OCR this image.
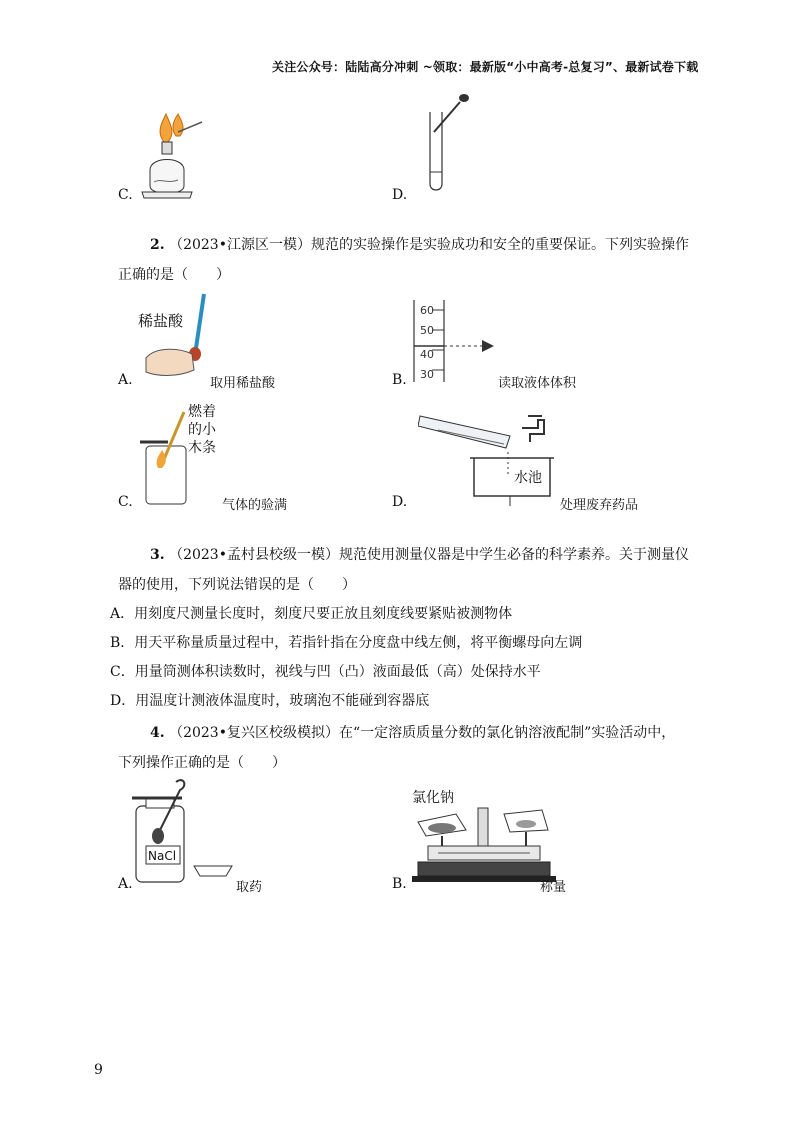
关注公众号：陆陆高分冲刺 ~领取：最新版“小中高考-总复习”、最新试卷下载
C.	D.
2. （2023•江源区一模）规范的实验操作是实验成功和安全的重要保证。下列实验操作
正确的是（　　）
稀盐酸
A.	取用稀盐酸
60
50
40
30
B.	读取液体体积
燃着
的小
木条
C.	气体的验满
水池
D.	处理废弃药品
3. （2023•孟村县校级一模）规范使用测量仪器是中学生必备的科学素养。关于测量仪
器的使用，下列说法错误的是（　　）
A．用刻度尺测量长度时，刻度尺要正放且刻度线要紧贴被测物体
B．用天平称量质量过程中，若指针指在分度盘中线左侧，将平衡螺母向左调
C．用量筒测体积读数时，视线与凹（凸）液面最低（高）处保持水平
D．用温度计测液体温度时，玻璃泡不能碰到容器底
4. （2023•复兴区校级模拟）在“一定溶质质量分数的氯化钠溶液配制”实验活动中，
下列操作正确的是（　　）
NaCl
A.	取药
氯化钠
B.	称量
9
